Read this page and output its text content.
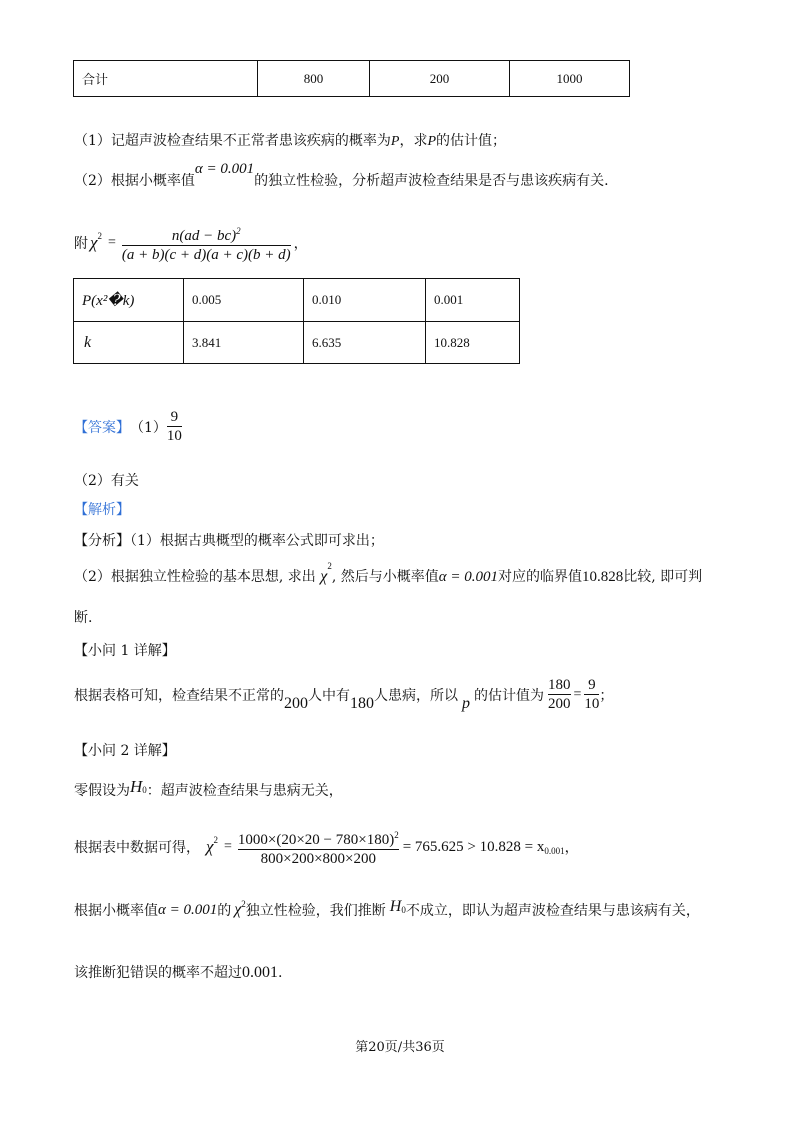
合计	800	200	1000
（1）记超声波检查结果不正常者患该疾病的概率为P，求P的估计值；
（2）根据小概率值α = 0.001的独立性检验，分析超声波检查结果是否与患该疾病有关.
附 $\chi^2 = \frac{n(ad - bc)^2}{(a + b)(c + d)(a + c)(b + d)}$ ，
P(x²�k)	0.005	0.010	0.001
k	3.841	6.635	10.828
【答案】 $(1) \frac{9}{10}$
（2）有关
【解析】
【分析】（1）根据古典概型的概率公式即可求出；
（2）根据独立性检验的基本思想, 求出 $\chi^2$, 然后与小概率值α = 0.001对应的临界值10.828比较, 即可判
断.
【小问 1 详解】
根据表格可知，检查结果不正常的 200 人中有 180 人患病，所以 p 的估计值为 $\frac{180}{200} = \frac{9}{10}$ ；
【小问 2 详解】
零假设为 $H_0$ ：超声波检查结果与患病无关，
根据表中数据可得， $\chi^2 = \frac{1000\times(20\times 20 - 780\times 180)^2}{800\times 200\times 800\times 200} = 765.625 > 10.828 = x_{0.001}$ ，
根据小概率值 α = 0.001 的 $\chi^2$ 独立性检验，我们推断 $H_0$ 不成立，即认为超声波检查结果与患该病有关，
该推断犯错误的概率不超过 0.001 .
第20页/共36页
